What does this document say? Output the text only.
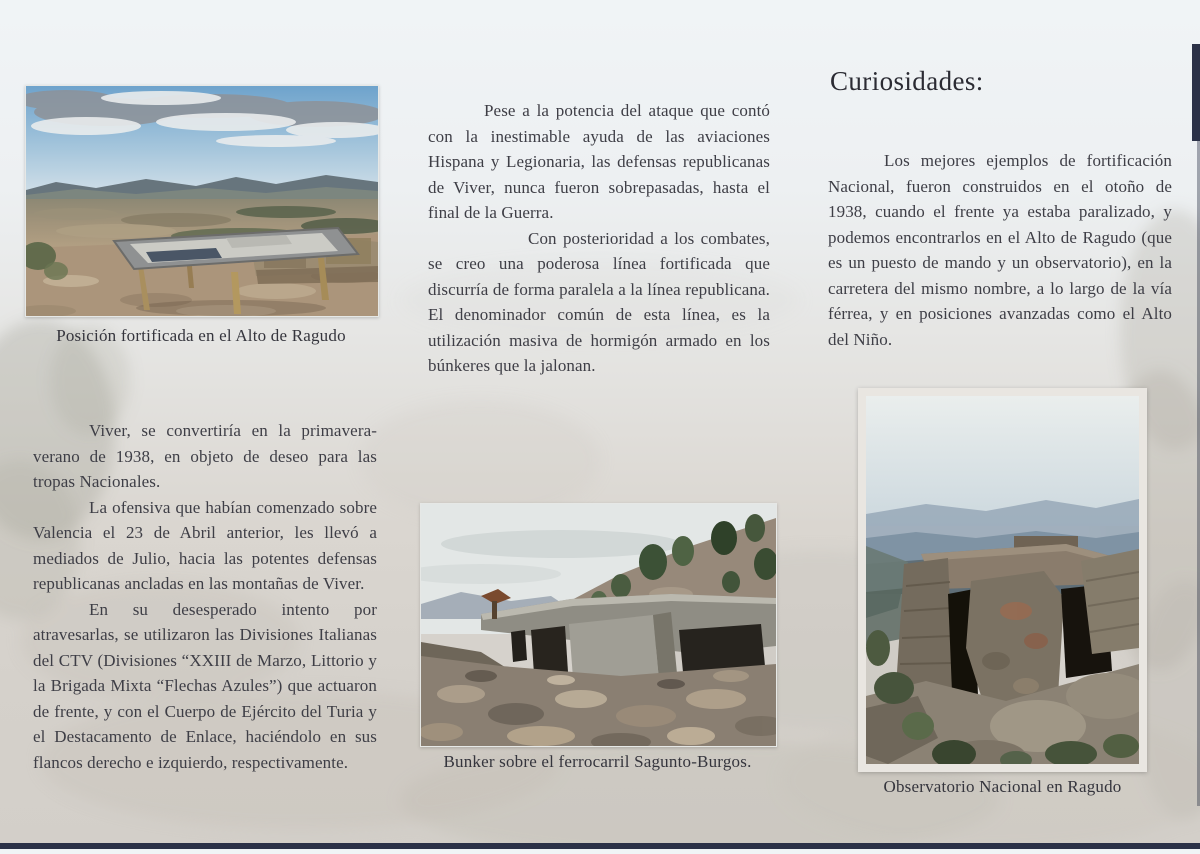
Posición fortificada en el Alto de Ragudo

Viver, se convertiría en la primavera-verano de 1938, en objeto de deseo para las tropas Nacionales.

La ofensiva que habían comenzado sobre Valencia el 23 de Abril anterior, les llevó a mediados de Julio, hacia las potentes defensas republicanas ancladas en las montañas de Viver.

En su desesperado intento por atravesarlas, se utilizaron las Divisiones Italianas del CTV (Divisiones “XXIII de Marzo, Littorio y la Brigada Mixta “Flechas Azules”) que actuaron de frente, y con el Cuerpo de Ejército del Turia y el Destacamento de Enlace, haciéndolo en sus flancos derecho e izquierdo, respectivamente.

Pese a la potencia del ataque que contó con la inestimable ayuda de las aviaciones Hispana y Legionaria, las defensas republicanas de Viver, nunca fueron sobrepasadas, hasta el final de la Guerra.

Con posterioridad a los combates, se creo una poderosa línea fortificada que discurría de forma paralela a la línea republicana. El denominador común de esta línea, es la utilización masiva de hormigón armado en los búnkeres que la jalonan.

Bunker sobre el ferrocarril Sagunto-Burgos.
Curiosidades:

Los mejores ejemplos de fortificación Nacional, fueron construidos en el otoño de 1938, cuando el frente ya estaba paralizado, y podemos encontrarlos en el Alto de Ragudo (que es un puesto de mando y un observatorio), en la carretera del mismo nombre, a lo largo de la vía férrea, y en posiciones avanzadas como el Alto del Niño.

Observatorio Nacional en Ragudo
